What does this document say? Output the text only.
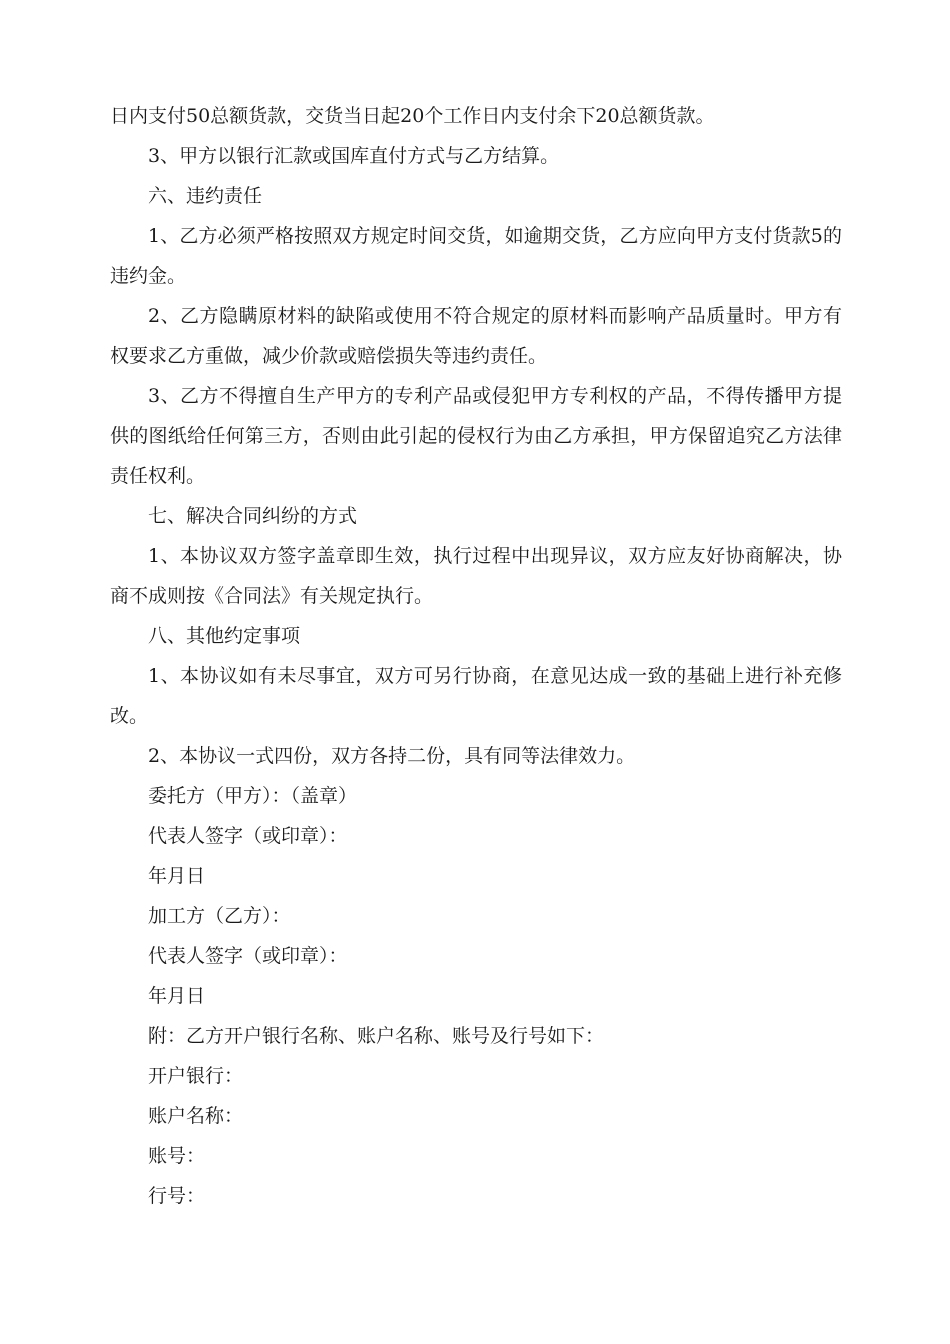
日内支付50总额货款，交货当日起20个工作日内支付余下20总额货款。

3、甲方以银行汇款或国库直付方式与乙方结算。

六、违约责任

1、乙方必须严格按照双方规定时间交货，如逾期交货，乙方应向甲方支付货款5的违约金。

2、乙方隐瞒原材料的缺陷或使用不符合规定的原材料而影响产品质量时。甲方有权要求乙方重做，减少价款或赔偿损失等违约责任。

3、乙方不得擅自生产甲方的专利产品或侵犯甲方专利权的产品，不得传播甲方提供的图纸给任何第三方，否则由此引起的侵权行为由乙方承担，甲方保留追究乙方法律责任权利。

七、解决合同纠纷的方式

1、本协议双方签字盖章即生效，执行过程中出现异议，双方应友好协商解决，协商不成则按《合同法》有关规定执行。

八、其他约定事项

1、本协议如有未尽事宜，双方可另行协商，在意见达成一致的基础上进行补充修改。

2、本协议一式四份，双方各持二份，具有同等法律效力。

委托方（甲方）：（盖章）

代表人签字（或印章）：

年月日

加工方（乙方）：

代表人签字（或印章）：

年月日

附：乙方开户银行名称、账户名称、账号及行号如下：

开户银行：

账户名称：

账号：

行号：
